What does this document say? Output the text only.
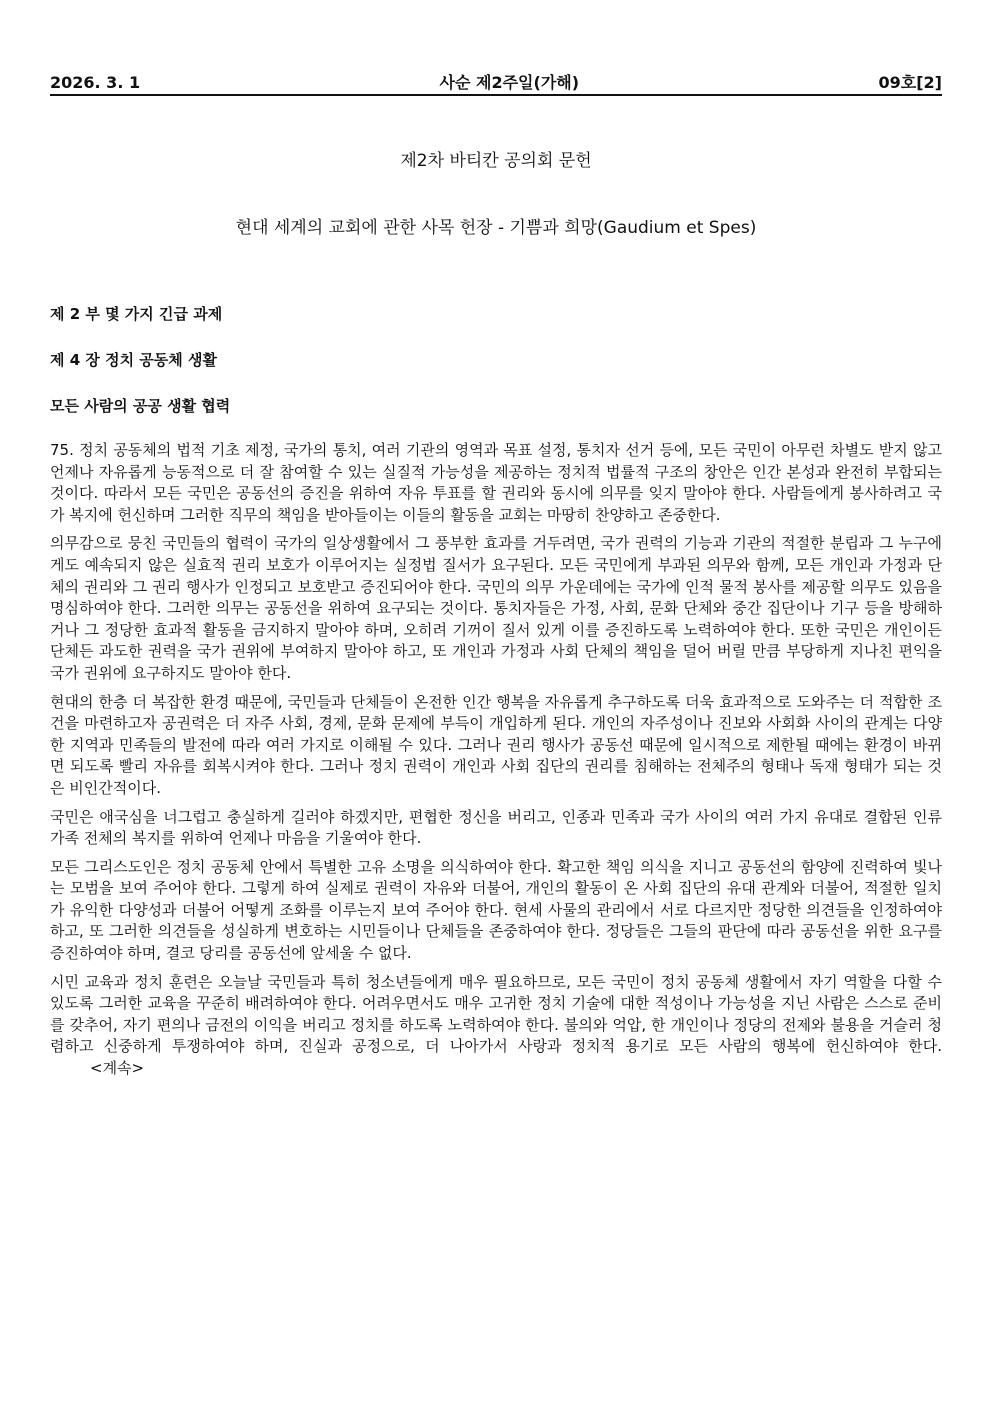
2026. 3. 1	사순 제2주일(가해)	09호[2]
제2차 바티칸 공의회 문헌
현대 세계의 교회에 관한 사목 헌장 - 기쁨과 희망(Gaudium et Spes)
제 2 부 몇 가지 긴급 과제
제 4 장 정치 공동체 생활
모든 사람의 공공 생활 협력

75. 정치 공동체의 법적 기초 제정, 국가의 통치, 여러 기관의 영역과 목표 설정, 통치자 선거 등에, 모든 국민이 아무런 차별도 받지 않고 언제나 자유롭게 능동적으로 더 잘 참여할 수 있는 실질적 가능성을 제공하는 정치적 법률적 구조의 창안은 인간 본성과 완전히 부합되는 것이다. 따라서 모든 국민은 공동선의 증진을 위하여 자유 투표를 할 권리와 동시에 의무를 잊지 말아야 한다. 사람들에게 봉사하려고 국가 복지에 헌신하며 그러한 직무의 책임을 받아들이는 이들의 활동을 교회는 마땅히 찬양하고 존중한다.

의무감으로 뭉친 국민들의 협력이 국가의 일상생활에서 그 풍부한 효과를 거두려면, 국가 권력의 기능과 기관의 적절한 분립과 그 누구에게도 예속되지 않은 실효적 권리 보호가 이루어지는 실정법 질서가 요구된다. 모든 국민에게 부과된 의무와 함께, 모든 개인과 가정과 단체의 권리와 그 권리 행사가 인정되고 보호받고 증진되어야 한다. 국민의 의무 가운데에는 국가에 인적 물적 봉사를 제공할 의무도 있음을 명심하여야 한다. 그러한 의무는 공동선을 위하여 요구되는 것이다. 통치자들은 가정, 사회, 문화 단체와 중간 집단이나 기구 등을 방해하거나 그 정당한 효과적 활동을 금지하지 말아야 하며, 오히려 기꺼이 질서 있게 이를 증진하도록 노력하여야 한다. 또한 국민은 개인이든 단체든 과도한 권력을 국가 권위에 부여하지 말아야 하고, 또 개인과 가정과 사회 단체의 책임을 덜어 버릴 만큼 부당하게 지나친 편익을 국가 권위에 요구하지도 말아야 한다.

현대의 한층 더 복잡한 환경 때문에, 국민들과 단체들이 온전한 인간 행복을 자유롭게 추구하도록 더욱 효과적으로 도와주는 더 적합한 조건을 마련하고자 공권력은 더 자주 사회, 경제, 문화 문제에 부득이 개입하게 된다. 개인의 자주성이나 진보와 사회화 사이의 관계는 다양한 지역과 민족들의 발전에 따라 여러 가지로 이해될 수 있다. 그러나 권리 행사가 공동선 때문에 일시적으로 제한될 때에는 환경이 바뀌면 되도록 빨리 자유를 회복시켜야 한다. 그러나 정치 권력이 개인과 사회 집단의 권리를 침해하는 전체주의 형태나 독재 형태가 되는 것은 비인간적이다.

국민은 애국심을 너그럽고 충실하게 길러야 하겠지만, 편협한 정신을 버리고, 인종과 민족과 국가 사이의 여러 가지 유대로 결합된 인류 가족 전체의 복지를 위하여 언제나 마음을 기울여야 한다.

모든 그리스도인은 정치 공동체 안에서 특별한 고유 소명을 의식하여야 한다. 확고한 책임 의식을 지니고 공동선의 함양에 진력하여 빛나는 모범을 보여 주어야 한다. 그렇게 하여 실제로 권력이 자유와 더불어, 개인의 활동이 온 사회 집단의 유대 관계와 더불어, 적절한 일치가 유익한 다양성과 더불어 어떻게 조화를 이루는지 보여 주어야 한다. 현세 사물의 관리에서 서로 다르지만 정당한 의견들을 인정하여야 하고, 또 그러한 의견들을 성실하게 변호하는 시민들이나 단체들을 존중하여야 한다. 정당들은 그들의 판단에 따라 공동선을 위한 요구를 증진하여야 하며, 결코 당리를 공동선에 앞세울 수 없다.

시민 교육과 정치 훈련은 오늘날 국민들과 특히 청소년들에게 매우 필요하므로, 모든 국민이 정치 공동체 생활에서 자기 역할을 다할 수 있도록 그러한 교육을 꾸준히 배려하여야 한다. 어려우면서도 매우 고귀한 정치 기술에 대한 적성이나 가능성을 지닌 사람은 스스로 준비를 갖추어, 자기 편의나 금전의 이익을 버리고 정치를 하도록 노력하여야 한다. 불의와 억압, 한 개인이나 정당의 전제와 불용을 거슬러 청렴하고 신중하게 투쟁하여야 하며, 진실과 공정으로, 더 나아가서 사랑과 정치적 용기로 모든 사람의 행복에 헌신하여야 한다.<계속>
